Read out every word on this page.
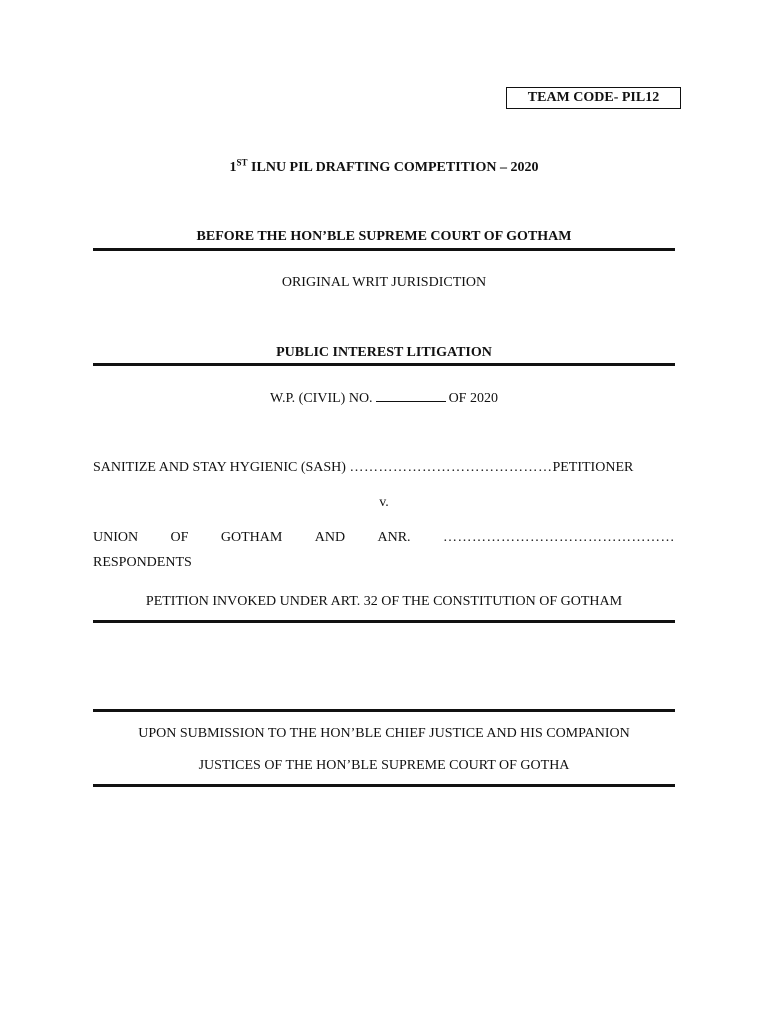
TEAM CODE- PIL12
1ST ILNU PIL DRAFTING COMPETITION – 2020
BEFORE THE HON’BLE SUPREME COURT OF GOTHAM
ORIGINAL WRIT JURISDICTION
PUBLIC INTEREST LITIGATION
W.P. (CIVIL) NO.	OF 2020
SANITIZE AND STAY HYGIENIC (SASH) ……………………………………PETITIONER
v.
UNION OF GOTHAM AND ANR. …………………………………………
RESPONDENTS
PETITION INVOKED UNDER ART. 32 OF THE CONSTITUTION OF GOTHAM
UPON SUBMISSION TO THE HON’BLE CHIEF JUSTICE AND HIS COMPANION
JUSTICES OF THE HON’BLE SUPREME COURT OF GOTHA
